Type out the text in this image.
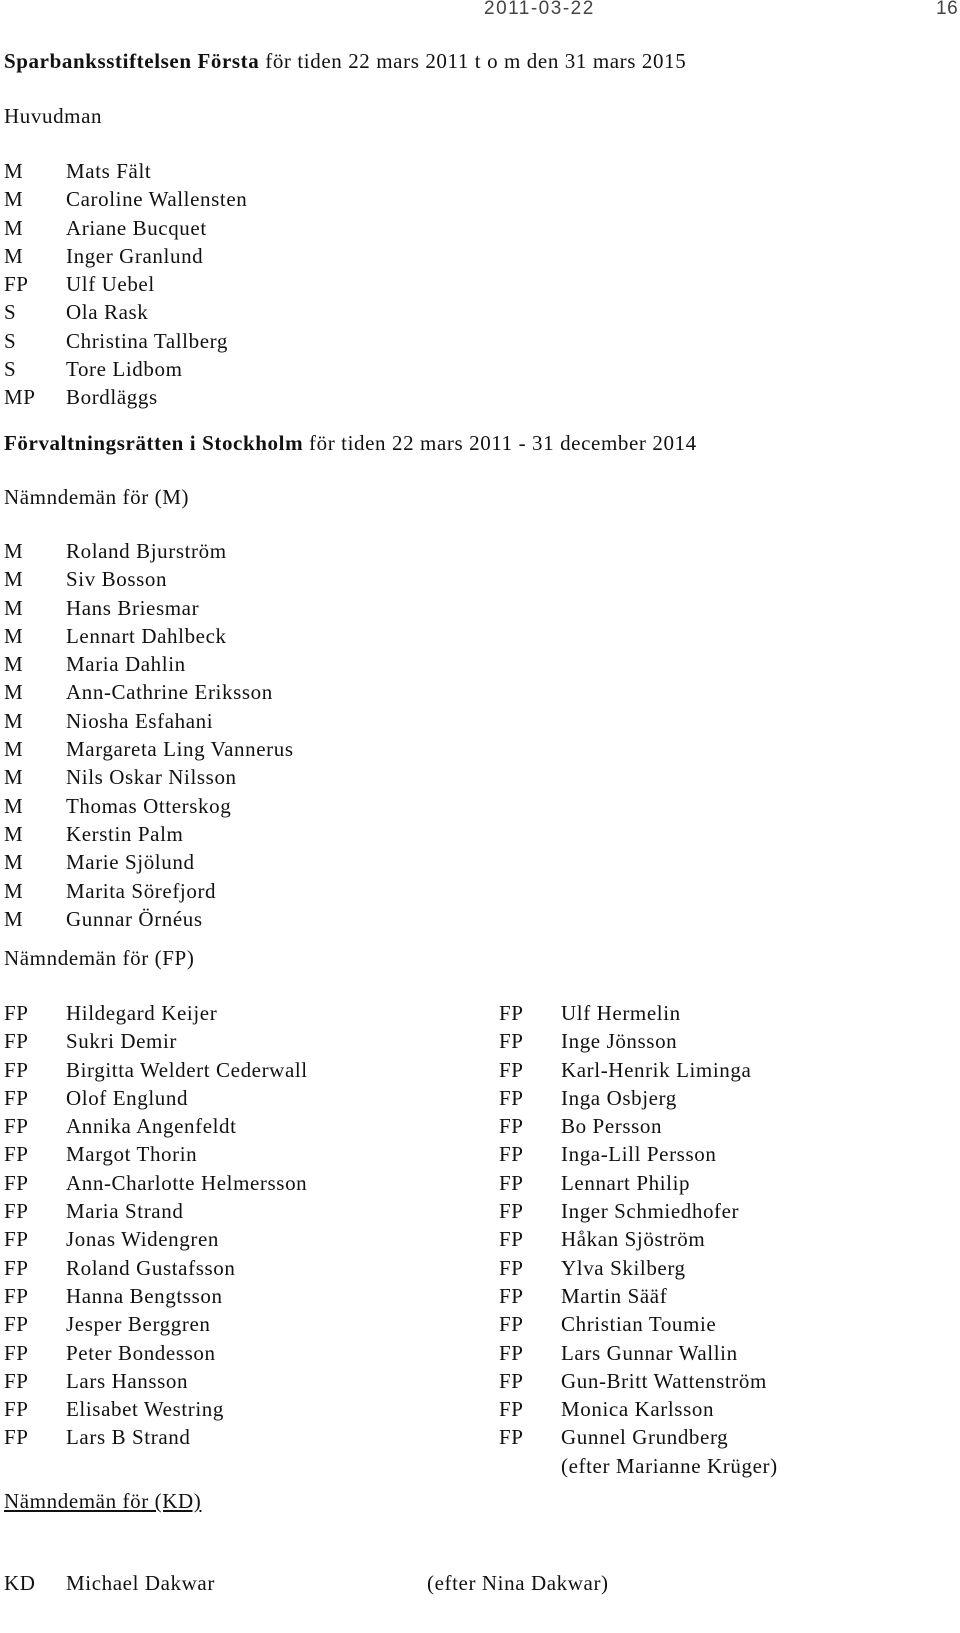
2011-03-22	16
Sparbanksstiftelsen Första för tiden 22 mars 2011 t o m den 31 mars 2015
Huvudman
M Mats Fält
M Caroline Wallensten
M Ariane Bucquet
M Inger Granlund
FP Ulf Uebel
S Ola Rask
S Christina Tallberg
S Tore Lidbom
MP Bordläggs
Förvaltningsrätten i Stockholm för tiden 22 mars 2011 - 31 december 2014
Nämndemän för (M)
M Roland Bjurström
M Siv Bosson
M Hans Briesmar
M Lennart Dahlbeck
M Maria Dahlin
M Ann-Cathrine Eriksson
M Niosha Esfahani
M Margareta Ling Vannerus
M Nils Oskar Nilsson
M Thomas Otterskog
M Kerstin Palm
M Marie Sjölund
M Marita Sörefjord
M Gunnar Örnéus
Nämndemän för (FP)
FP Hildegard Keijer
FP Sukri Demir
FP Birgitta Weldert Cederwall
FP Olof Englund
FP Annika Angenfeldt
FP Margot Thorin
FP Ann-Charlotte Helmersson
FP Maria Strand
FP Jonas Widengren
FP Roland Gustafsson
FP Hanna Bengtsson
FP Jesper Berggren
FP Peter Bondesson
FP Lars Hansson
FP Elisabet Westring
FP Lars B Strand
FP Ulf Hermelin
FP Inge Jönsson
FP Karl-Henrik Liminga
FP Inga Osbjerg
FP Bo Persson
FP Inga-Lill Persson
FP Lennart Philip
FP Inger Schmiedhofer
FP Håkan Sjöström
FP Ylva Skilberg
FP Martin Sääf
FP Christian Toumie
FP Lars Gunnar Wallin
FP Gun-Britt Wattenström
FP Monica Karlsson
FP Gunnel Grundberg
(efter Marianne Krüger)
Nämndemän för (KD)
KD Michael Dakwar	(efter Nina Dakwar)
